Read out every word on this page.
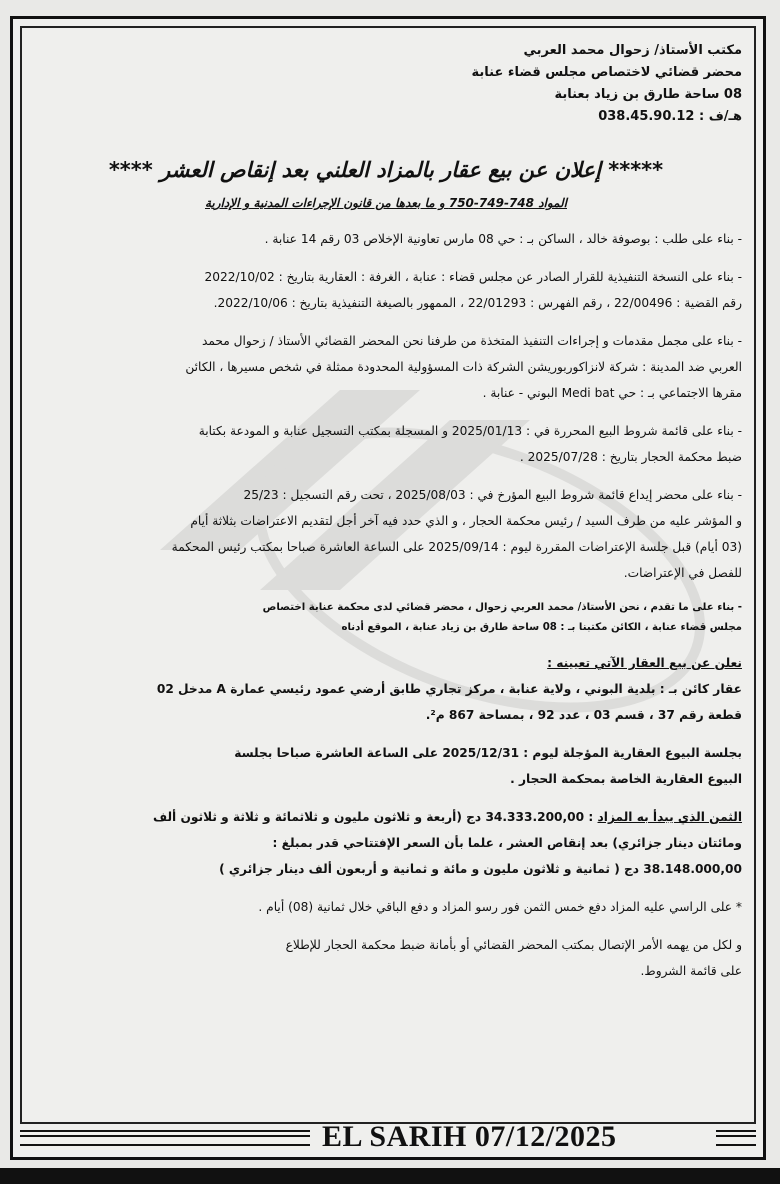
مكتب الأستاذ/ زحوال محمد العربي
محضر قضائي لاختصاص مجلس قضاء عنابة
08 ساحة طارق بن زياد بعنابة
هـ/ف : 038.45.90.12
***** إعلان عن بيع عقار بالمزاد العلني بعد إنقاص العشر ****
المواد 748-749-750 و ما بعدها من قانون الإجراءات المدنية و الإدارية

- بناء على طلب : بوصوفة خالد ، الساكن بـ : حي 08 مارس تعاونية الإخلاص 03 رقم 14 عنابة .

- بناء على النسخة التنفيذية للقرار الصادر عن مجلس قضاء : عنابة ، الغرفة : العقارية بتاريخ : 2022/10/02

رقم القضية : 22/00496 ، رقم الفهرس : 22/01293 ، الممهور بالصيغة التنفيذية بتاريخ : 2022/10/06.

- بناء على مجمل مقدمات و إجراءات التنفيذ المتخذة من طرفنا نحن المحضر القضائي الأستاذ / زحوال محمد

العربي ضد المدينة : شركة لانزاكوربوريشن الشركة ذات المسؤولية المحدودة ممثلة في شخص مسيرها ، الكائن

مقرها الاجتماعي بـ : حي Medi bat البوني - عنابة .

- بناء على قائمة شروط البيع المحررة في : 2025/01/13 و المسجلة بمكتب التسجيل عنابة و المودعة بكتابة

ضبط محكمة الحجار بتاريخ : 2025/07/28 .

- بناء على محضر إيداع قائمة شروط البيع المؤرخ في : 2025/08/03 ، تحت رقم التسجيل : 25/23

و المؤشر عليه من طرف السيد / رئيس محكمة الحجار ، و الذي حدد فيه آخر أجل لتقديم الاعتراضات بثلاثة أيام

(03 أيام) قبل جلسة الإعتراضات المقررة ليوم : 2025/09/14 على الساعة العاشرة صباحا بمكتب رئيس المحكمة

للفصل في الإعتراضات.

- بناء على ما تقدم ، نحن الأستاذ/ محمد العربي زحوال ، محضر قضائي لدى محكمة عنابة اختصاص

مجلس قضاء عنابة ، الكائن مكتبنا بـ : 08 ساحة طارق بن زياد عنابة ، الموقع أدناه

نعلن عن بيع العقار الآتي تعيينه :

عقار كائن بـ : بلدية البوني ، ولاية عنابة ، مركز تجاري طابق أرضي عمود رئيسي عمارة A مدخل 02

قطعة رقم 37 ، قسم 03 ، عدد 92 ، بمساحة 867 م².

بجلسة البيوع العقارية المؤجلة ليوم : 2025/12/31 على الساعة العاشرة صباحا بجلسة

البيوع العقارية الخاصة بمحكمة الحجار .

الثمن الذي يبدأ به المزاد : 34.333.200,00 دج (أربعة و ثلاثون مليون و ثلاثمائة و ثلاثة و ثلاثون ألف

ومائتان دينار جزائري) بعد إنقاص العشر ، علما بأن السعر الإفتتاحي قدر بمبلغ :

38.148.000,00 دج ( ثمانية و ثلاثون مليون و مائة و ثمانية و أربعون ألف دينار جزائري )

* على الراسي عليه المزاد دفع خمس الثمن فور رسو المزاد و دفع الباقي خلال ثمانية (08) أيام .

و لكل من يهمه الأمر الإتصال بمكتب المحضر القضائي أو بأمانة ضبط محكمة الحجار للإطلاع

على قائمة الشروط.

EL SARIH 07/12/2025
